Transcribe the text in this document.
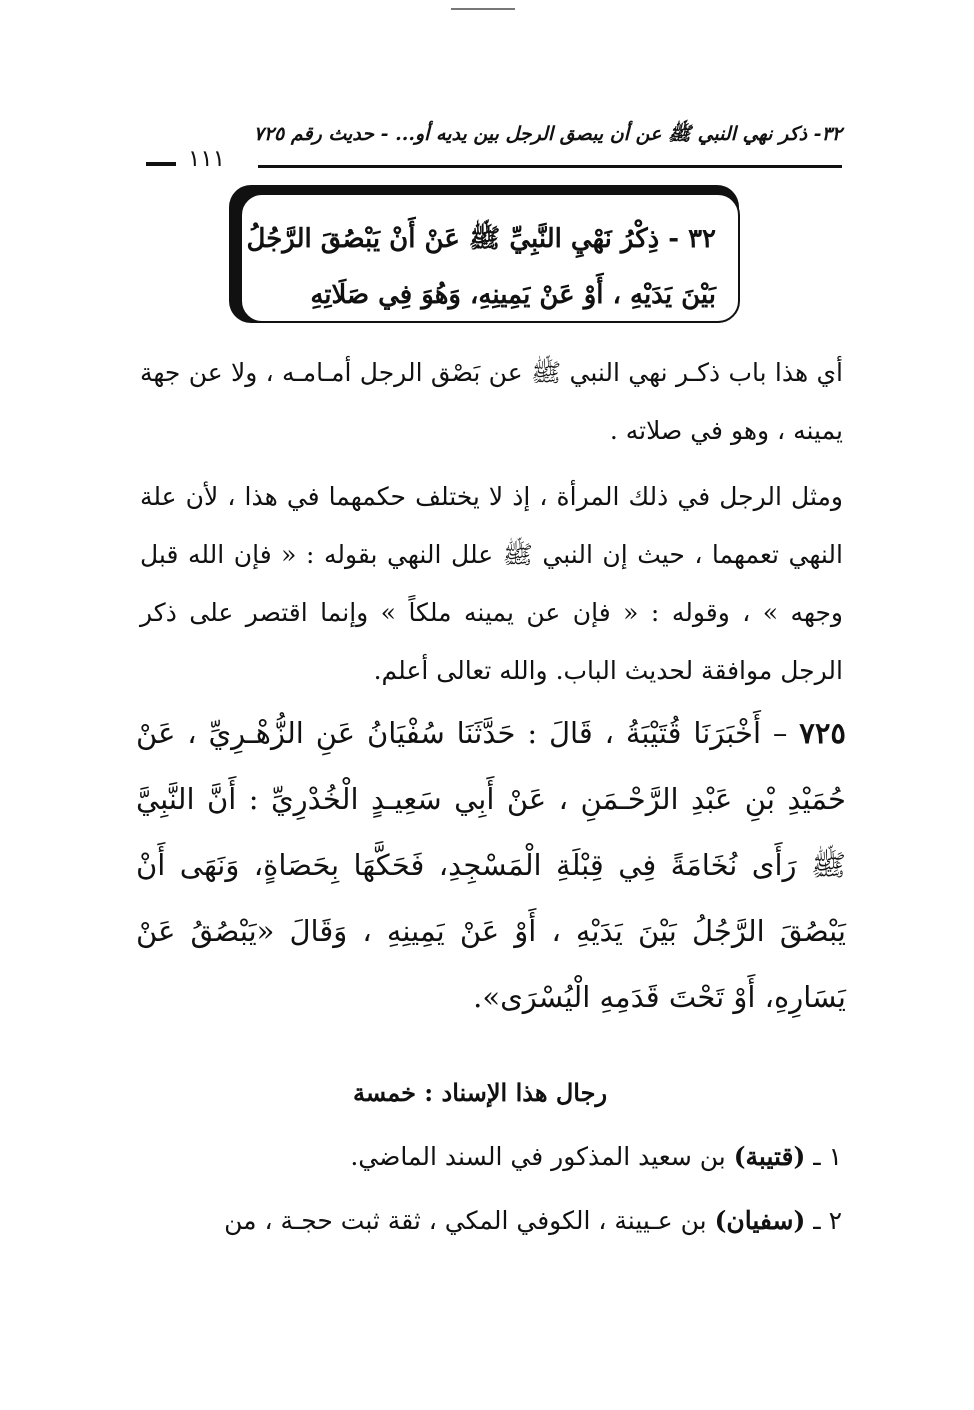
٣٢- ذكر نهي النبي ﷺ عن أن يبصق الرجل بين يديه أو... - حديث رقم ٧٢٥
١١١
٣٢ - ذِكْرُ نَهْيِ النَّبِيِّ ﷺ عَنْ أَنْ يَبْصُقَ الرَّجُلُ
بَيْنَ يَدَيْهِ ، أَوْ عَنْ يَمِينِهِ، وَهُوَ فِي صَلَاتِهِ
أي هذا باب ذكـر نهي النبي ﷺ عن بَصْق الرجل أمـامـه ، ولا عن جهة يمينه ، وهو في صلاته .
ومثل الرجل في ذلك المرأة ، إذ لا يختلف حكمهما في هذا ، لأن علة النهي تعمهما ، حيث إن النبي ﷺ علل النهي بقوله : « فإن الله قبل وجهه » ، وقوله : « فإن عن يمينه ملكاً » وإنما اقتصر على ذكر الرجل موافقة لحديث الباب. والله تعالى أعلم.
٧٢٥ – أَخْبَرَنَا قُتَيْبَةُ ، قَالَ : حَدَّثَنَا سُفْيَانُ عَنِ الزُّهْـرِيِّ ، عَنْ حُمَيْدِ بْنِ عَبْدِ الرَّحْـمَنِ ، عَنْ أَبِي سَعِيـدٍ الْخُدْرِيِّ : أَنَّ النَّبِيَّ ﷺ رَأَى نُخَامَةً فِي قِبْلَةِ الْمَسْجِدِ، فَحَكَّهَا بِحَصَاةٍ، وَنَهَى أَنْ يَبْصُقَ الرَّجُلُ بَيْنَ يَدَيْهِ ، أَوْ عَنْ يَمِينِهِ ، وَقَالَ «يَبْصُقُ عَنْ يَسَارِهِ، أَوْ تَحْتَ قَدَمِهِ الْيُسْرَى».
رجال هذا الإسناد : خمسة
١ ـ (قتيبة) بن سعيد المذكور في السند الماضي.
٢ ـ (سفيان) بن عـيينة ، الكوفي المكي ، ثقة ثبت حجـة ، من
